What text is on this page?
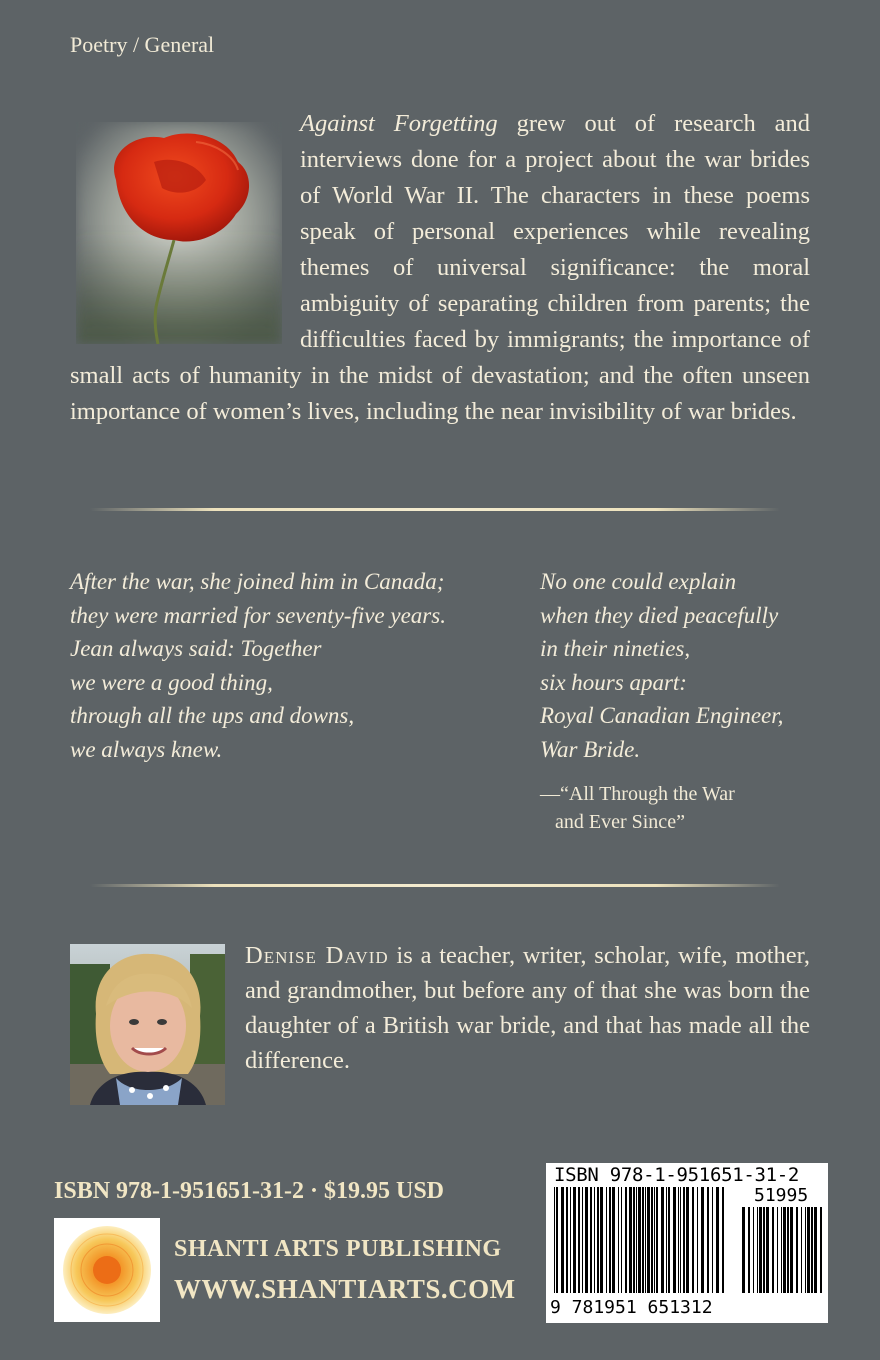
Poetry / General
Against Forgetting grew out of research and interviews done for a project about the war brides of World War II. The characters in these poems speak of personal experiences while revealing themes of universal significance: the moral ambiguity of separating children from parents; the difficulties faced by immigrants; the importance of small acts of humanity in the midst of devastation; and the often unseen importance of women’s lives, including the near invisibility of war brides.
After the war, she joined him in Canada;
they were married for seventy-five years.
Jean always said: Together
we were a good thing,
through all the ups and downs,
we always knew.
No one could explain
when they died peacefully
in their nineties,
six hours apart:
Royal Canadian Engineer,
War Bride.
—“All Through the War
and Ever Since”
Denise David is a teacher, writer, scholar, wife, mother, and grandmother, but before any of that she was born the daughter of a British war bride, and that has made all the difference.
ISBN 978-1-951651-31-2 · $19.95 USD
SHANTI ARTS PUBLISHING
WWW.SHANTIARTS.COM
ISBN 978-1-951651-31-2
51995
9 781951 651312
